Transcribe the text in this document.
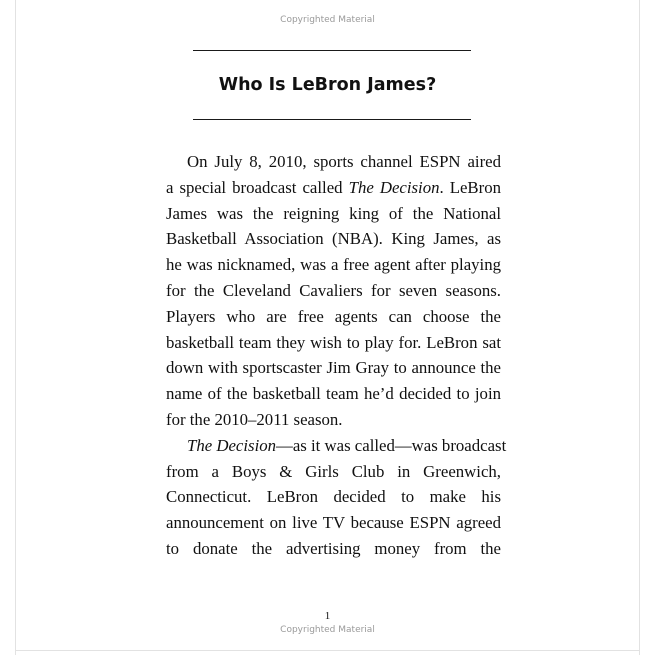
Copyrighted Material
Who Is LeBron James?
On July 8, 2010, sports channel ESPN aired
a special broadcast called The Decision. LeBron
James was the reigning king of the National
Basketball Association (NBA). King James, as
he was nicknamed, was a free agent after playing
for the Cleveland Cavaliers for seven seasons.
Players who are free agents can choose the
basketball team they wish to play for. LeBron sat
down with sportscaster Jim Gray to announce the
name of the basketball team he’d decided to join
for the 2010–2011 season.
The Decision—as it was called—was broadcast
from a Boys & Girls Club in Greenwich,
Connecticut. LeBron decided to make his
announcement on live TV because ESPN agreed
to donate the advertising money from the
1
Copyrighted Material
